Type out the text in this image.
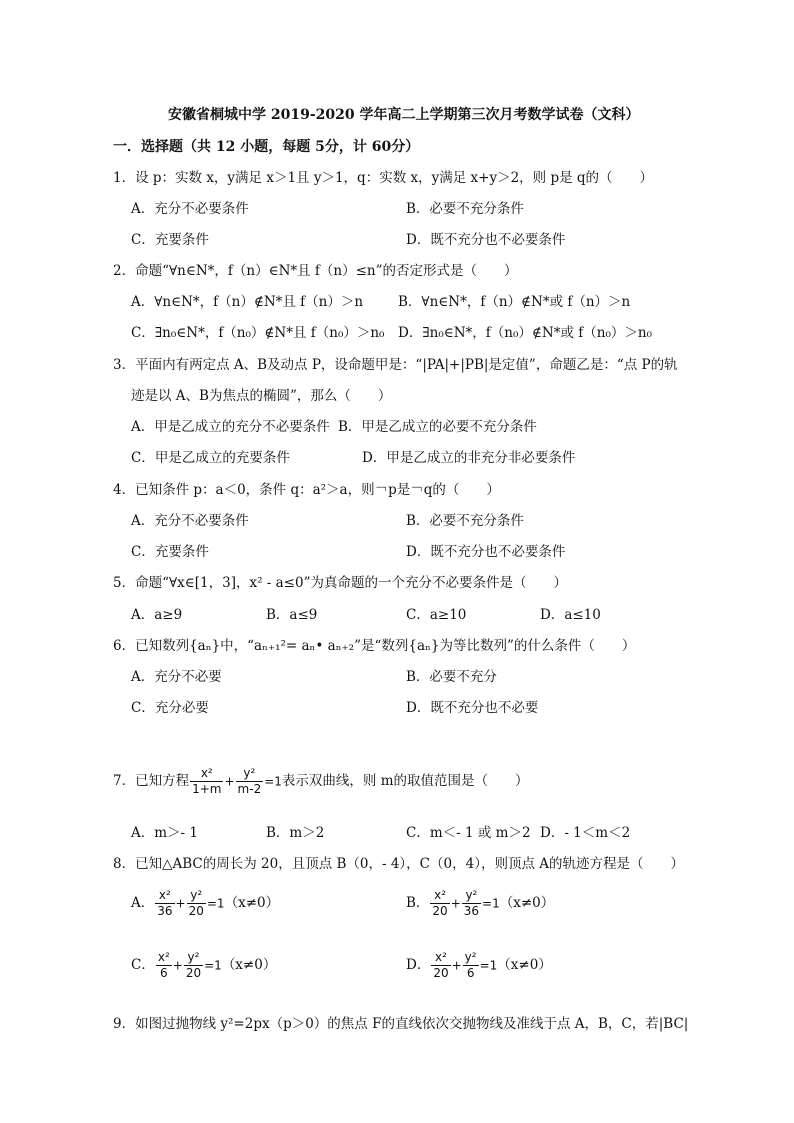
安徽省桐城中学 2019-2020 学年高二上学期第三次月考数学试卷（文科）
一．选择题（共 12 小题，每题 5分，计 60分）
1．设 p：实数 x，y满足 x＞1且 y＞1，q：实数 x，y满足 x+y＞2，则 p是 q的（　　）
A．充分不必要条件	B．必要不充分条件
C．充要条件	D．既不充分也不必要条件
2．命题“∀n∈N*，f（n）∈N*且 f（n）≤n”的否定形式是（　　）
A．∀n∈N*，f（n）∉N*且 f（n）＞n	B．∀n∈N*，f（n）∉N*或 f（n）＞n
C．∃n₀∈N*，f（n₀）∉N*且 f（n₀）＞n₀ D．∃n₀∈N*，f（n₀）∉N*或 f（n₀）＞n₀
3．平面内有两定点 A、B及动点 P，设命题甲是：“|PA|+|PB|是定值”，命题乙是：“点 P的轨
迹是以 A、B为焦点的椭圆”，那么（　　）
A．甲是乙成立的充分不必要条件 B．甲是乙成立的必要不充分条件
C．甲是乙成立的充要条件	D．甲是乙成立的非充分非必要条件
4．已知条件 p：a＜0，条件 q：a²＞a，则￢p是￢q的（　　）
A．充分不必要条件	B．必要不充分条件
C．充要条件	D．既不充分也不必要条件
5．命题“∀x∈[1，3]，x² - a≤0”为真命题的一个充分不必要条件是（　　）
A．a≥9	B．a≤9	C．a≥10	D．a≤10
6．已知数列{aₙ}中，“aₙ₊₁²= aₙ• aₙ₊₂”是“数列{aₙ}为等比数列”的什么条件（　　）
A．充分不必要	B．必要不充分
C．充分必要	D．既不充分也不必要
7．已知方程 $\frac{\text{x²}}{1+m} + \frac{\text{y²}}{m-2} =1$表示双曲线，则 m的取值范围是（　　）
A．m＞- 1	B．m＞2	C．m＜- 1 或 m＞2 D．- 1＜m＜2
8．已知△ABC的周长为 20，且顶点 B（0，- 4），C（0，4），则顶点 A的轨迹方程是（　　）
A． $\frac{\text{x²}}{36} + \frac{\text{y²}}{20} =1(x\ne 0)$	B． $\frac{\text{x²}}{20} + \frac{\text{y²}}{36} =1(x\ne 0)$
C． $\frac{\text{x²}}{6} + \frac{\text{y²}}{20} =1(x\ne 0)$	D． $\frac{\text{x²}}{20} + \frac{\text{y²}}{6} =1(x\ne 0)$
9．如图过抛物线 y²=2px（p＞0）的焦点 F的直线依次交抛物线及准线于点 A，B，C，若|BC|
